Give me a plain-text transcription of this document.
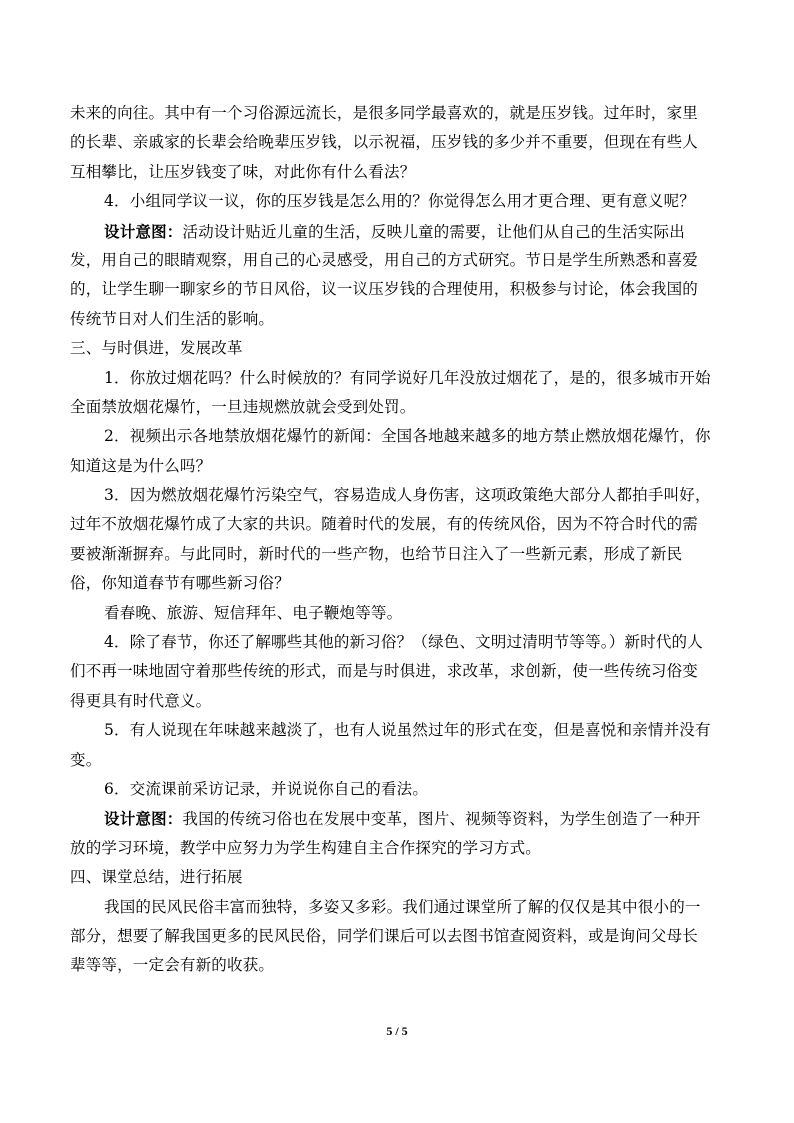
未来的向往。其中有一个习俗源远流长，是很多同学最喜欢的，就是压岁钱。过年时，家里
的长辈、亲戚家的长辈会给晚辈压岁钱，以示祝福，压岁钱的多少并不重要，但现在有些人
互相攀比，让压岁钱变了味，对此你有什么看法？
4．小组同学议一议，你的压岁钱是怎么用的？你觉得怎么用才更合理、更有意义呢？
设计意图：活动设计贴近儿童的生活，反映儿童的需要，让他们从自己的生活实际出
发，用自己的眼睛观察，用自己的心灵感受，用自己的方式研究。节日是学生所熟悉和喜爱
的，让学生聊一聊家乡的节日风俗，议一议压岁钱的合理使用，积极参与讨论，体会我国的
传统节日对人们生活的影响。
三、与时俱进，发展改革
1．你放过烟花吗？什么时候放的？有同学说好几年没放过烟花了，是的，很多城市开始
全面禁放烟花爆竹，一旦违规燃放就会受到处罚。
2．视频出示各地禁放烟花爆竹的新闻：全国各地越来越多的地方禁止燃放烟花爆竹，你
知道这是为什么吗？
3．因为燃放烟花爆竹污染空气，容易造成人身伤害，这项政策绝大部分人都拍手叫好，
过年不放烟花爆竹成了大家的共识。随着时代的发展，有的传统风俗，因为不符合时代的需
要被渐渐摒弃。与此同时，新时代的一些产物，也给节日注入了一些新元素，形成了新民
俗，你知道春节有哪些新习俗？
看春晚、旅游、短信拜年、电子鞭炮等等。
4．除了春节，你还了解哪些其他的新习俗？（绿色、文明过清明节等等。）新时代的人
们不再一味地固守着那些传统的形式，而是与时俱进，求改革，求创新，使一些传统习俗变
得更具有时代意义。
5．有人说现在年味越来越淡了，也有人说虽然过年的形式在变，但是喜悦和亲情并没有
变。
6．交流课前采访记录，并说说你自己的看法。
设计意图：我国的传统习俗也在发展中变革，图片、视频等资料，为学生创造了一种开
放的学习环境，教学中应努力为学生构建自主合作探究的学习方式。
四、课堂总结，进行拓展
我国的民风民俗丰富而独特，多姿又多彩。我们通过课堂所了解的仅仅是其中很小的一
部分，想要了解我国更多的民风民俗，同学们课后可以去图书馆查阅资料，或是询问父母长
辈等等，一定会有新的收获。
5 / 5
